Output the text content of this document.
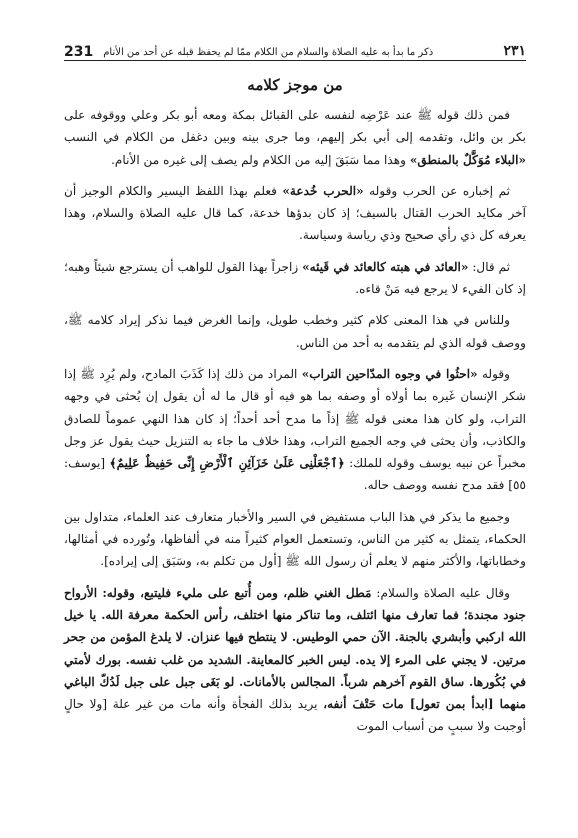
231 ذكر ما بدأ به عليه الصلاة والسلام من الكلام ممّا لم يحفظ قبله عن أحد من الأنام	٢٣١
من موجز كلامه

فمن ذلك قوله ﷺ عند عَرْضِه لنفسه على القبائل بمكة ومعه أبو بكر وعلي ووقوفه على بكر بن وائل، وتقدمه إلى أبي بكر إليهم، وما جرى بينه وبين دغفل من الكلام في النسب «البلاء مُوَكَّلٌ بالمنطق» وهذا مما سَبَقَ إليه من الكلام ولم يصف إلى غيره من الأنام.

ثم إخباره عن الحرب وقوله «الحرب خُدعة» فعلم بهذا اللفظ اليسير والكلام الوجيز أن آخر مكايد الحرب القتال بالسيف؛ إذ كان بدؤها خدعة، كما قال عليه الصلاة والسلام، وهذا يعرفه كل ذي رأي صحيح وذي رياسة وسياسة.

ثم قال: «العائد في هبته كالعائد في قَيئه» زاجراً بهذا القول للواهب أن يسترجع شيئاً وهبه؛ إذ كان الفيء لا يرجع فيه مَنْ قاءه.

وللناس في هذا المعنى كلام كثير وخطب طويل، وإنما الغرض فيما نذكر إيراد كلامه ﷺ، ووصف قوله الذي لم يتقدمه به أحد من الناس.

وقوله «احثُوا في وجوه المدّاحين التراب» المراد من ذلك إذا كَذَبَ المادح، ولم يُرِد ﷺ إذا شكر الإنسان غَيره بما أولاه أو وصفه بما هو فيه أو قال ما له أن يقول إن يُحثى في وجهه التراب، ولو كان هذا معنى قوله ﷺ إذاً ما مدح أحد أحداً؛ إذ كان هذا النهي عموماً للصادق والكاذب، وأن يحثى في وجه الجميع التراب، وهذا خلاف ما جاء به التنزيل حيث يقول عز وجل مخبراً عن نبيه يوسف وقوله للملك: ﴿ٱجْعَلْنِى عَلَىٰ خَزَآئِنِ ٱلْأَرْضِ إِنِّى حَفِيظٌ عَلِيمٌ﴾ [يوسف: ٥٥] فقد مدح نفسه ووصف حاله.

وجميع ما يذكر في هذا الباب مستفيض في السير والأخبار متعارف عند العلماء، متداول بين الحكماء، يتمثل به كثير من الناس، وتستعمل العوام كثيراً منه في ألفاظها، وتُورده في أمثالها، وخطاباتها، والأكثر منهم لا يعلم أن رسول الله ﷺ [أول من تكلم به، وسَبَق إلى إيراده].

وقال عليه الصلاة والسلام: مَطل الغني ظلم، ومن أُتبع على مليء فليتبع، وقوله: الأرواح جنود مجندة؛ فما تعارف منها ائتلف، وما تناكر منها اختلف، رأس الحكمة معرفة الله. يا خيل الله اركبي وأبشري بالجنة. الآن حمي الوطيس. لا ينتطح فيها عنزان. لا يلدغ المؤمن من جحر مرتين. لا يجني على المرء إلا يده. ليس الخبر كالمعاينة. الشديد من غلب نفسه. بورك لأمتي في بُكُورها. ساق القوم آخرهم شرباً. المجالس بالأمانات. لو بَغَى جبل على جبل لَدُكّ الباغي منهما [ابدأ بمن تعول] مات حَتْفَ أنفه، يريد بذلك الفجأة وأنه مات من غير علة [ولا حالٍ أوجبت ولا سببٍ من أسباب الموت
